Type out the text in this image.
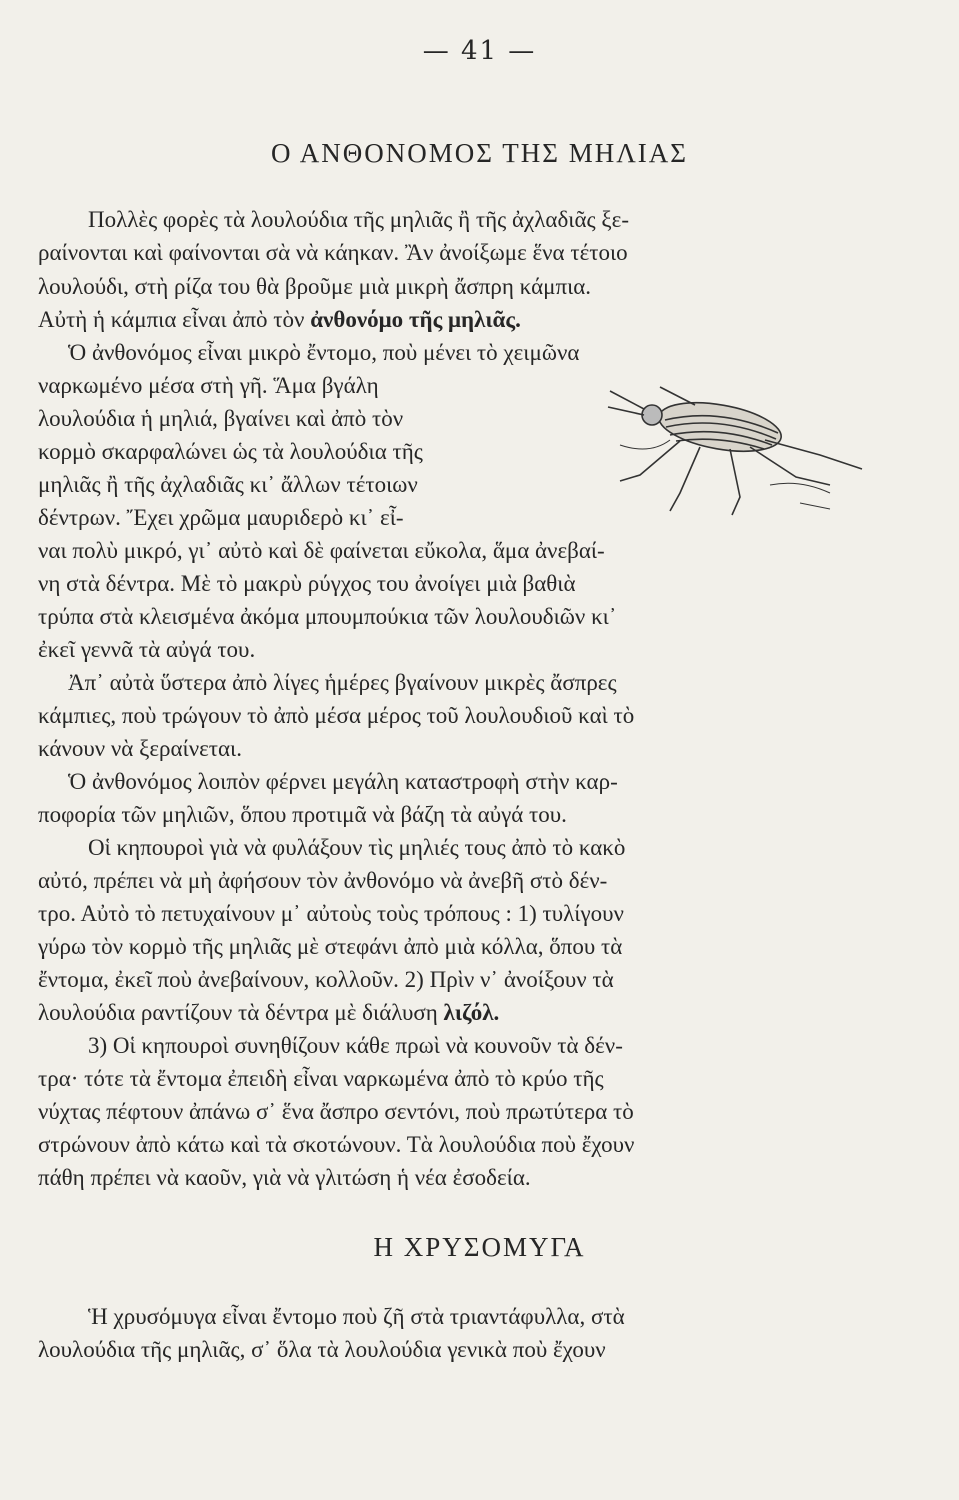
— 41 —
Ο ΑΝΘΟΝΟΜΟΣ ΤΗΣ ΜΗΛΙΑΣ
Πολλὲς φορὲς τὰ λουλούδια τῆς μηλιᾶς ἢ τῆς ἀχλαδιᾶς ξε-
ραίνονται καὶ φαίνονται σὰ νὰ κάηκαν. Ἂν ἀνοίξωμε ἕνα τέτοιο
λουλούδι, στὴ ρίζα του θὰ βροῦμε μιὰ μικρὴ ἄσπρη κάμπια.
Αὐτὴ ἡ κάμπια εἶναι ἀπὸ τὸν ἀνθονόμο τῆς μηλιᾶς.
Ὁ ἀνθονόμος εἶναι μικρὸ ἔντομο, ποὺ μένει τὸ χειμῶνα
ναρκωμένο μέσα στὴ γῆ. Ἅμα βγάλη
λουλούδια ἡ μηλιά, βγαίνει καὶ ἀπὸ τὸν
κορμὸ σκαρφαλώνει ὡς τὰ λουλούδια τῆς
μηλιᾶς ἢ τῆς ἀχλαδιᾶς κι᾿ ἄλλων τέτοιων
δέντρων. Ἔχει χρῶμα μαυριδερὸ κι᾿ εἶ-
ναι πολὺ μικρό, γι᾿ αὐτὸ καὶ δὲ φαίνεται εὔκολα, ἅμα ἀνεβαί-
νη στὰ δέντρα. Μὲ τὸ μακρὺ ρύγχος του ἀνοίγει μιὰ βαθιὰ
τρύπα στὰ κλεισμένα ἀκόμα μπουμπούκια τῶν λουλουδιῶν κι᾿
ἐκεῖ γεννᾶ τὰ αὐγά του.
Ἀπ᾿ αὐτὰ ὕστερα ἀπὸ λίγες ἡμέρες βγαίνουν μικρὲς ἄσπρες
κάμπιες, ποὺ τρώγουν τὸ ἀπὸ μέσα μέρος τοῦ λουλουδιοῦ καὶ τὸ
κάνουν νὰ ξεραίνεται.
Ὁ ἀνθονόμος λοιπὸν φέρνει μεγάλη καταστροφὴ στὴν καρ-
ποφορία τῶν μηλιῶν, ὅπου προτιμᾶ νὰ βάζη τὰ αὐγά του.
Οἱ κηπουροὶ γιὰ νὰ φυλάξουν τὶς μηλιές τους ἀπὸ τὸ κακὸ
αὐτό, πρέπει νὰ μὴ ἀφήσουν τὸν ἀνθονόμο νὰ ἀνεβῆ στὸ δέν-
τρο. Αὐτὸ τὸ πετυχαίνουν μ᾿ αὐτοὺς τοὺς τρόπους : 1) τυλίγουν
γύρω τὸν κορμὸ τῆς μηλιᾶς μὲ στεφάνι ἀπὸ μιὰ κόλλα, ὅπου τὰ
ἔντομα, ἐκεῖ ποὺ ἀνεβαίνουν, κολλοῦν. 2) Πρὶν ν᾿ ἀνοίξουν τὰ
λουλούδια ραντίζουν τὰ δέντρα μὲ διάλυση λιζόλ.
3) Οἱ κηπουροὶ συνηθίζουν κάθε πρωὶ νὰ κουνοῦν τὰ δέν-
τρα· τότε τὰ ἔντομα ἐπειδὴ εἶναι ναρκωμένα ἀπὸ τὸ κρύο τῆς
νύχτας πέφτουν ἀπάνω σ᾿ ἕνα ἄσπρο σεντόνι, ποὺ πρωτύτερα τὸ
στρώνουν ἀπὸ κάτω καὶ τὰ σκοτώνουν. Τὰ λουλούδια ποὺ ἔχουν
πάθη πρέπει νὰ καοῦν, γιὰ νὰ γλιτώση ἡ νέα ἐσοδεία.
Η ΧΡΥΣΟΜΥΓΑ
Ἡ χρυσόμυγα εἶναι ἔντομο ποὺ ζῆ στὰ τριαντάφυλλα, στὰ
λουλούδια τῆς μηλιᾶς, σ᾿ ὅλα τὰ λουλούδια γενικὰ ποὺ ἔχουν
